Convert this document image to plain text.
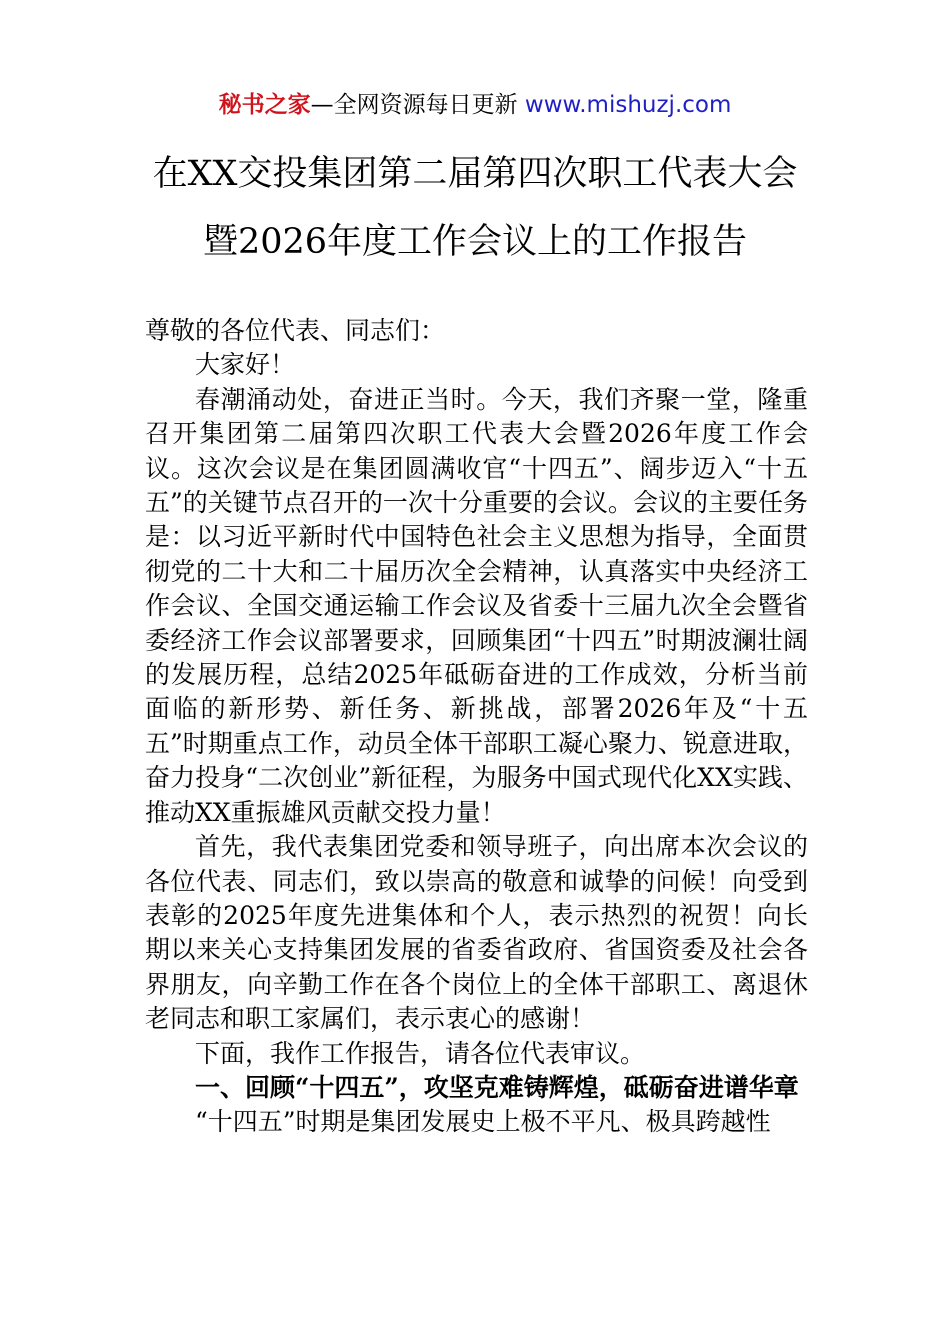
秘书之家—全网资源每日更新 www.mishuzj.com
在XX交投集团第二届第四次职工代表大会
暨2026年度工作会议上的工作报告

尊敬的各位代表、同志们：

大家好！

春潮涌动处，奋进正当时。今天，我们齐聚一堂，隆重召开集团第二届第四次职工代表大会暨2026年度工作会议。这次会议是在集团圆满收官“十四五”、阔步迈入“十五五”的关键节点召开的一次十分重要的会议。会议的主要任务是：以习近平新时代中国特色社会主义思想为指导，全面贯彻党的二十大和二十届历次全会精神，认真落实中央经济工作会议、全国交通运输工作会议及省委十三届九次全会暨省委经济工作会议部署要求，回顾集团“十四五”时期波澜壮阔的发展历程，总结2025年砥砺奋进的工作成效，分析当前面临的新形势、新任务、新挑战，部署2026年及“十五五”时期重点工作，动员全体干部职工凝心聚力、锐意进取，奋力投身“二次创业”新征程，为服务中国式现代化XX实践、推动XX重振雄风贡献交投力量！

首先，我代表集团党委和领导班子，向出席本次会议的各位代表、同志们，致以崇高的敬意和诚挚的问候！向受到表彰的2025年度先进集体和个人，表示热烈的祝贺！向长期以来关心支持集团发展的省委省政府、省国资委及社会各界朋友，向辛勤工作在各个岗位上的全体干部职工、离退休老同志和职工家属们，表示衷心的感谢！

下面，我作工作报告，请各位代表审议。

一、回顾“十四五”，攻坚克难铸辉煌，砥砺奋进谱华章

“十四五”时期是集团发展史上极不平凡、极具跨越性
